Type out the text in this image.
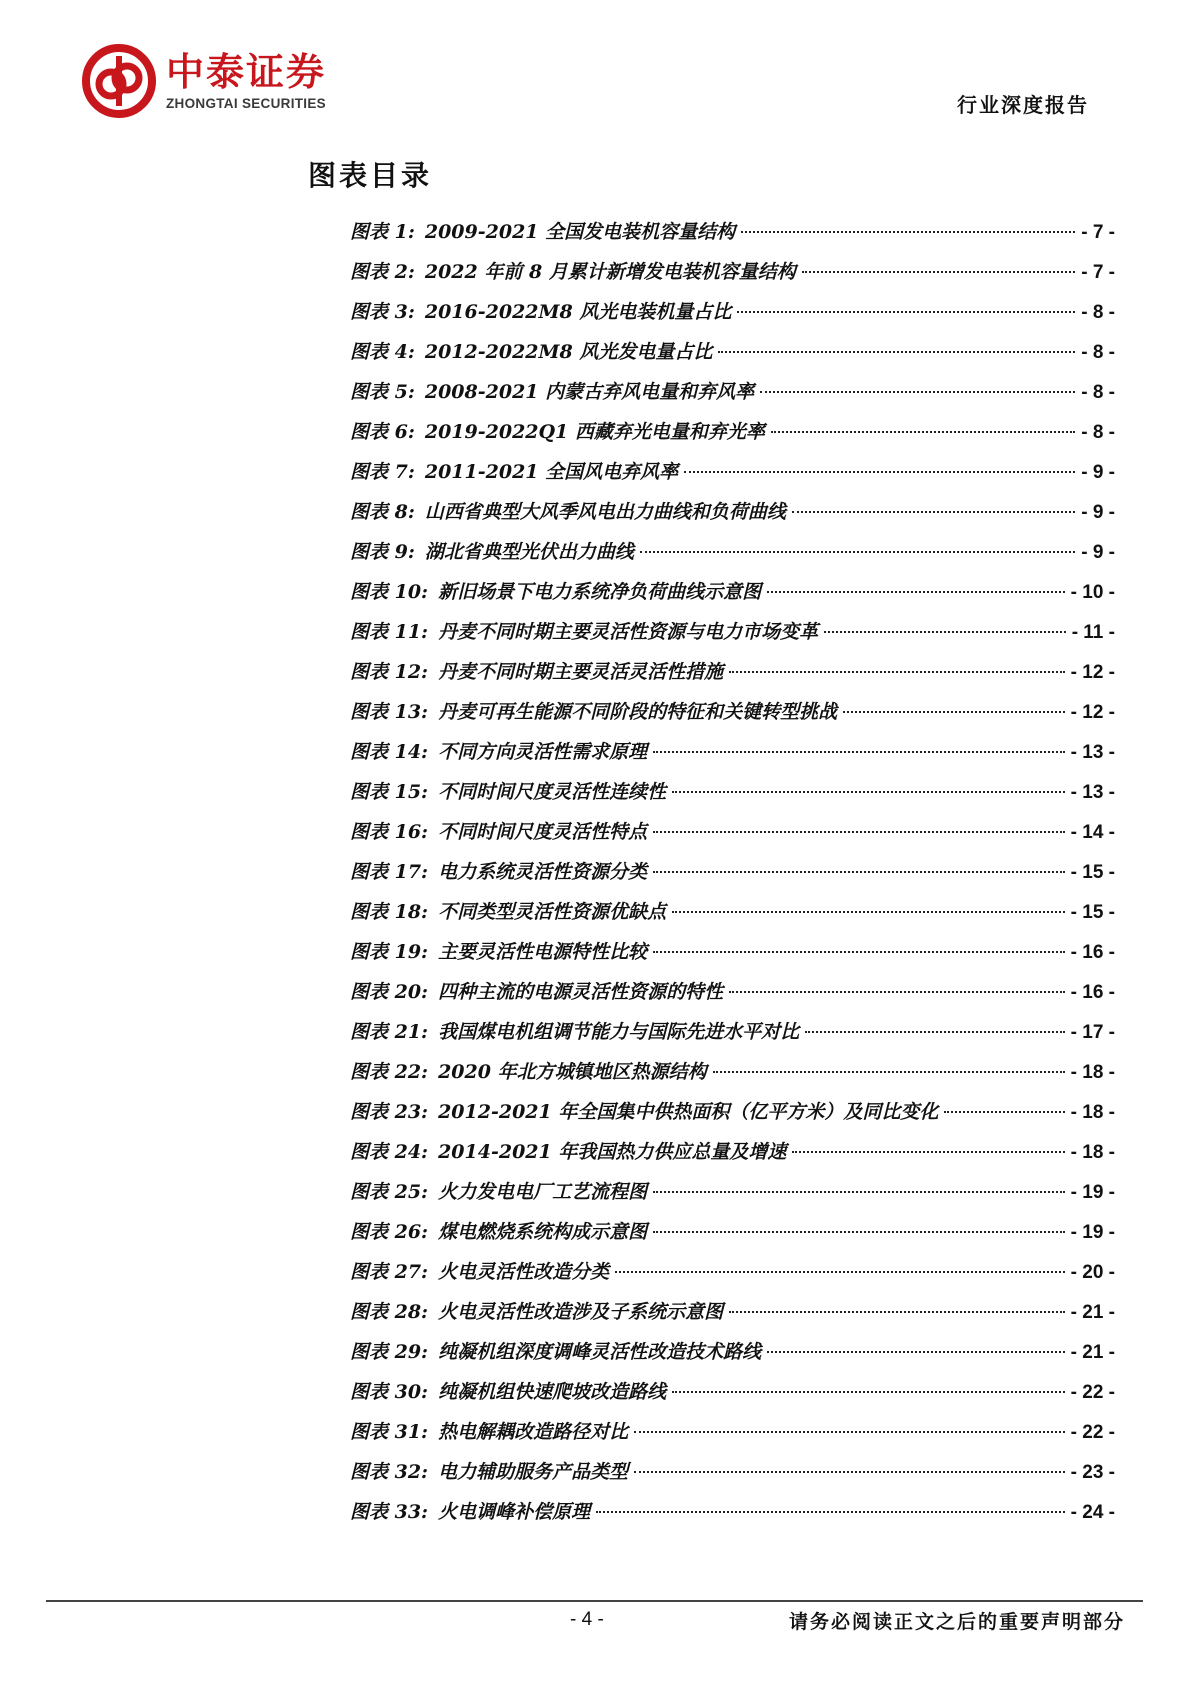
中泰证券
ZHONGTAI SECURITIES	行业深度报告
图表目录
图表 1: 2009-2021 全国发电装机容量结构	- 7 -
图表 2: 2022 年前 8 月累计新增发电装机容量结构	- 7 -
图表 3: 2016-2022M8 风光电装机量占比	- 8 -
图表 4: 2012-2022M8 风光发电量占比	- 8 -
图表 5: 2008-2021 内蒙古弃风电量和弃风率	- 8 -
图表 6: 2019-2022Q1 西藏弃光电量和弃光率	- 8 -
图表 7: 2011-2021 全国风电弃风率	- 9 -
图表 8: 山西省典型大风季风电出力曲线和负荷曲线	- 9 -
图表 9: 湖北省典型光伏出力曲线	- 9 -
图表 10: 新旧场景下电力系统净负荷曲线示意图	- 10 -
图表 11: 丹麦不同时期主要灵活性资源与电力市场变革	- 11 -
图表 12: 丹麦不同时期主要灵活灵活性措施	- 12 -
图表 13: 丹麦可再生能源不同阶段的特征和关键转型挑战	- 12 -
图表 14: 不同方向灵活性需求原理	- 13 -
图表 15: 不同时间尺度灵活性连续性	- 13 -
图表 16: 不同时间尺度灵活性特点	- 14 -
图表 17: 电力系统灵活性资源分类	- 15 -
图表 18: 不同类型灵活性资源优缺点	- 15 -
图表 19: 主要灵活性电源特性比较	- 16 -
图表 20: 四种主流的电源灵活性资源的特性	- 16 -
图表 21: 我国煤电机组调节能力与国际先进水平对比	- 17 -
图表 22: 2020 年北方城镇地区热源结构	- 18 -
图表 23: 2012-2021 年全国集中供热面积（亿平方米）及同比变化	- 18 -
图表 24: 2014-2021 年我国热力供应总量及增速	- 18 -
图表 25: 火力发电电厂工艺流程图	- 19 -
图表 26: 煤电燃烧系统构成示意图	- 19 -
图表 27: 火电灵活性改造分类	- 20 -
图表 28: 火电灵活性改造涉及子系统示意图	- 21 -
图表 29: 纯凝机组深度调峰灵活性改造技术路线	- 21 -
图表 30: 纯凝机组快速爬坡改造路线	- 22 -
图表 31: 热电解耦改造路径对比	- 22 -
图表 32: 电力辅助服务产品类型	- 23 -
图表 33: 火电调峰补偿原理	- 24 -
- 4 -	请务必阅读正文之后的重要声明部分
